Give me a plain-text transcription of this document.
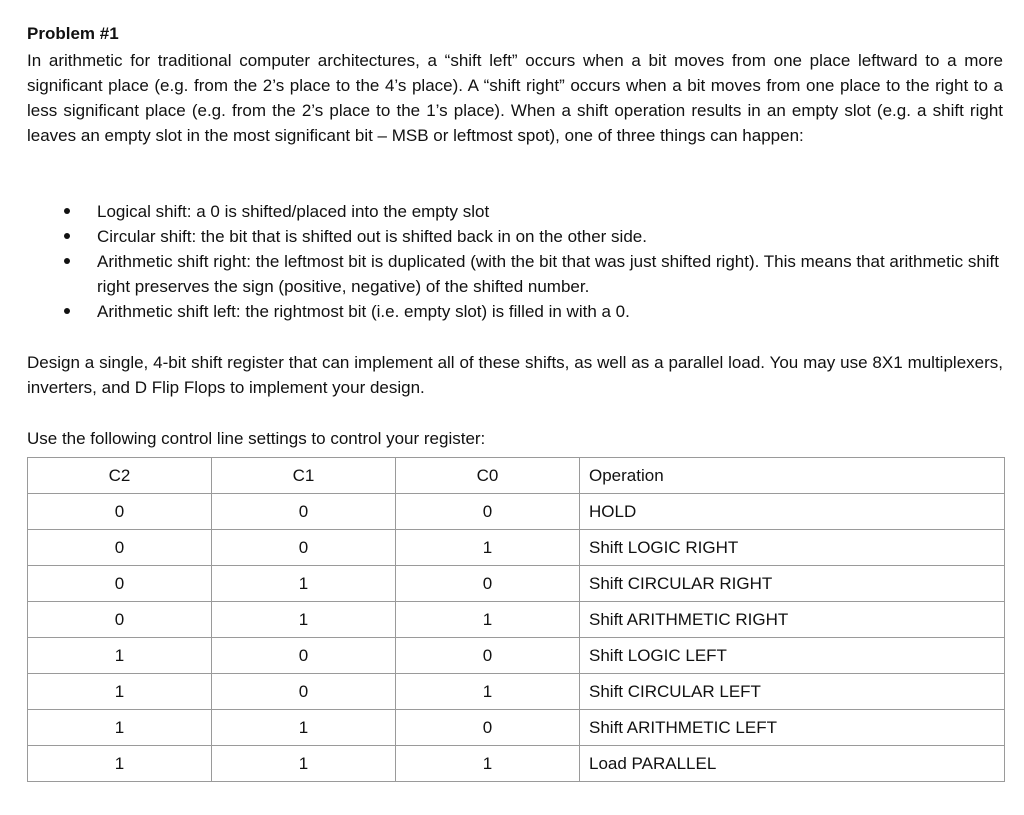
Problem #1

In arithmetic for traditional computer architectures, a “shift left” occurs when a bit moves from one place leftward to a more significant place (e.g. from the 2’s place to the 4’s place). A “shift right” occurs when a bit moves from one place to the right to a less significant place (e.g. from the 2’s place to the 1’s place). When a shift operation results in an empty slot (e.g. a shift right leaves an empty slot in the most significant bit – MSB or leftmost spot), one of three things can happen:

Logical shift: a 0 is shifted/placed into the empty slot
Circular shift: the bit that is shifted out is shifted back in on the other side.
Arithmetic shift right: the leftmost bit is duplicated (with the bit that was just shifted right). This means that arithmetic shift right preserves the sign (positive, negative) of the shifted number.
Arithmetic shift left: the rightmost bit (i.e. empty slot) is filled in with a 0.

Design a single, 4-bit shift register that can implement all of these shifts, as well as a parallel load. You may use 8X1 multiplexers, inverters, and D Flip Flops to implement your design.

Use the following control line settings to control your register:
C2	C1	C0	Operation
0	0	0	HOLD
0	0	1	Shift LOGIC RIGHT
0	1	0	Shift CIRCULAR RIGHT
0	1	1	Shift ARITHMETIC RIGHT
1	0	0	Shift LOGIC LEFT
1	0	1	Shift CIRCULAR LEFT
1	1	0	Shift ARITHMETIC LEFT
1	1	1	Load PARALLEL
